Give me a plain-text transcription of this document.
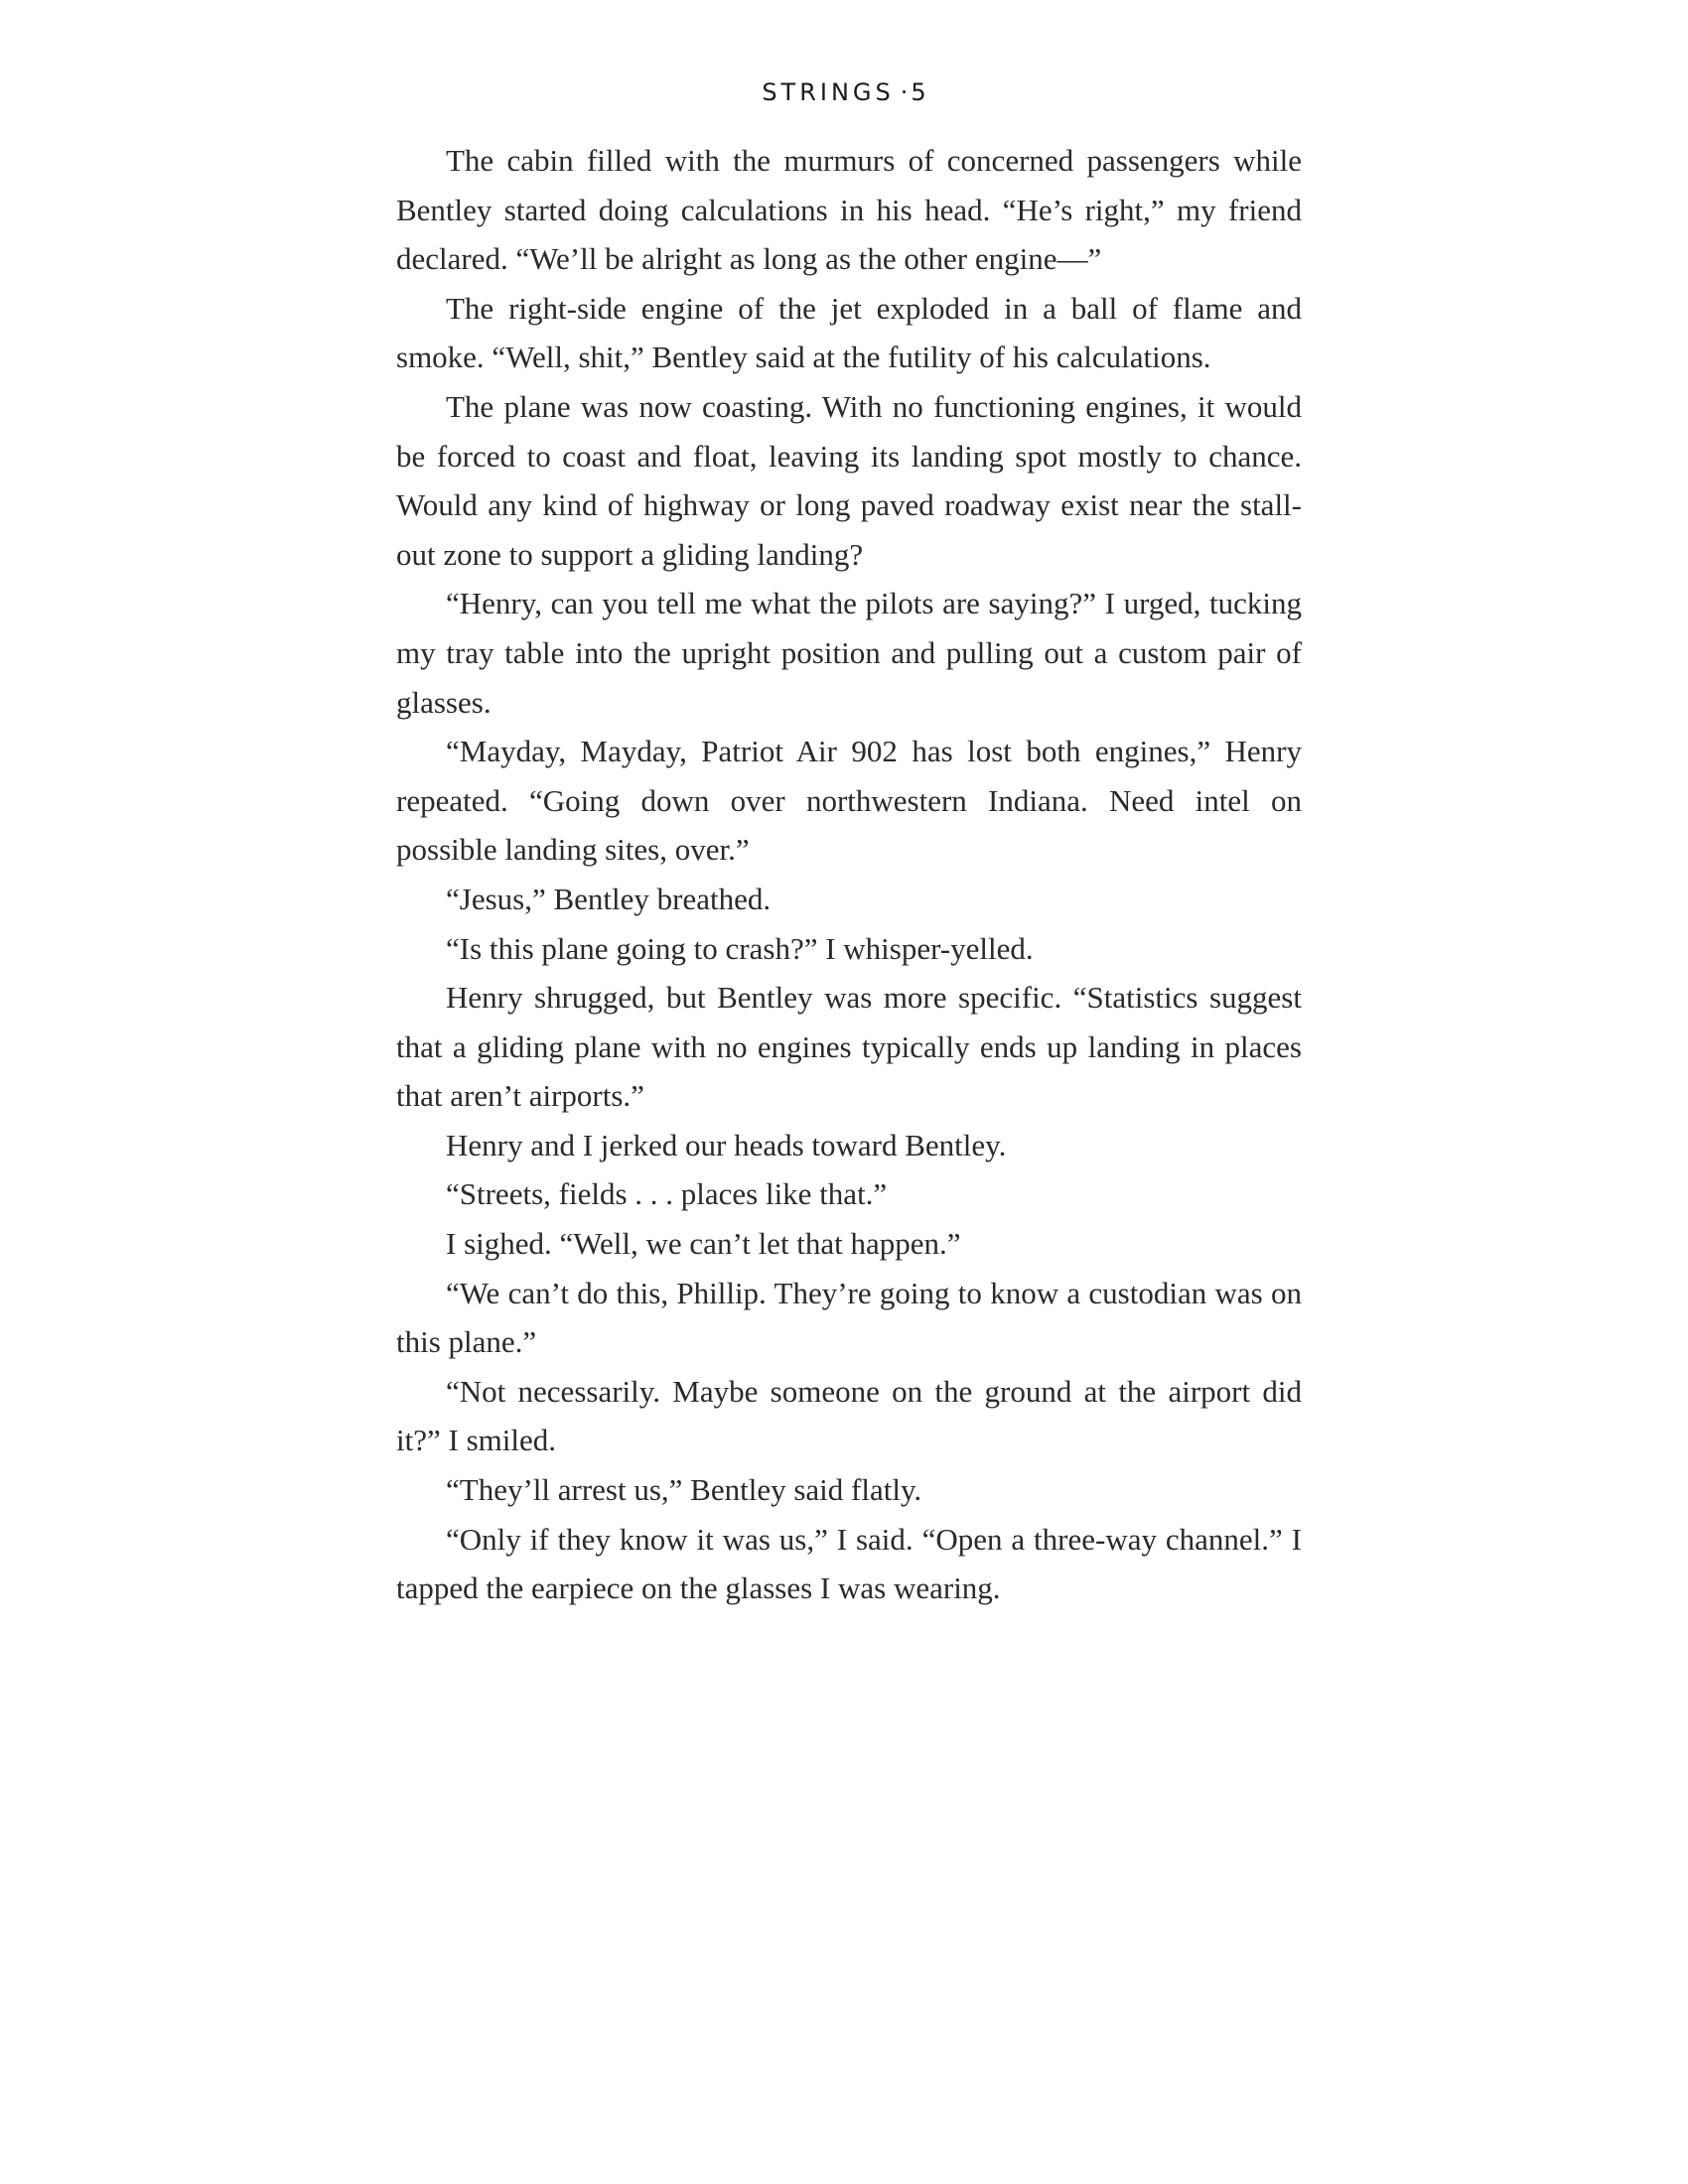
STRINGS · 5

The cabin filled with the murmurs of concerned passengers while Bentley started doing calculations in his head. “He’s right,” my friend declared. “We’ll be alright as long as the other engine—”

The right-side engine of the jet exploded in a ball of flame and smoke. “Well, shit,” Bentley said at the futility of his calculations.

The plane was now coasting. With no functioning engines, it would be forced to coast and float, leaving its landing spot mostly to chance. Would any kind of highway or long paved roadway exist near the stall-out zone to support a gliding landing?

“Henry, can you tell me what the pilots are saying?” I urged, tucking my tray table into the upright position and pulling out a custom pair of glasses.

“Mayday, Mayday, Patriot Air 902 has lost both engines,” Henry repeated. “Going down over northwestern Indiana. Need intel on possible landing sites, over.”

“Jesus,” Bentley breathed.

“Is this plane going to crash?” I whisper-yelled.

Henry shrugged, but Bentley was more specific. “Statistics suggest that a gliding plane with no engines typically ends up landing in places that aren’t airports.”

Henry and I jerked our heads toward Bentley.

“Streets, fields . . . places like that.”

I sighed. “Well, we can’t let that happen.”

“We can’t do this, Phillip. They’re going to know a custodian was on this plane.”

“Not necessarily. Maybe someone on the ground at the airport did it?” I smiled.

“They’ll arrest us,” Bentley said flatly.

“Only if they know it was us,” I said. “Open a three-way channel.” I tapped the earpiece on the glasses I was wearing.
